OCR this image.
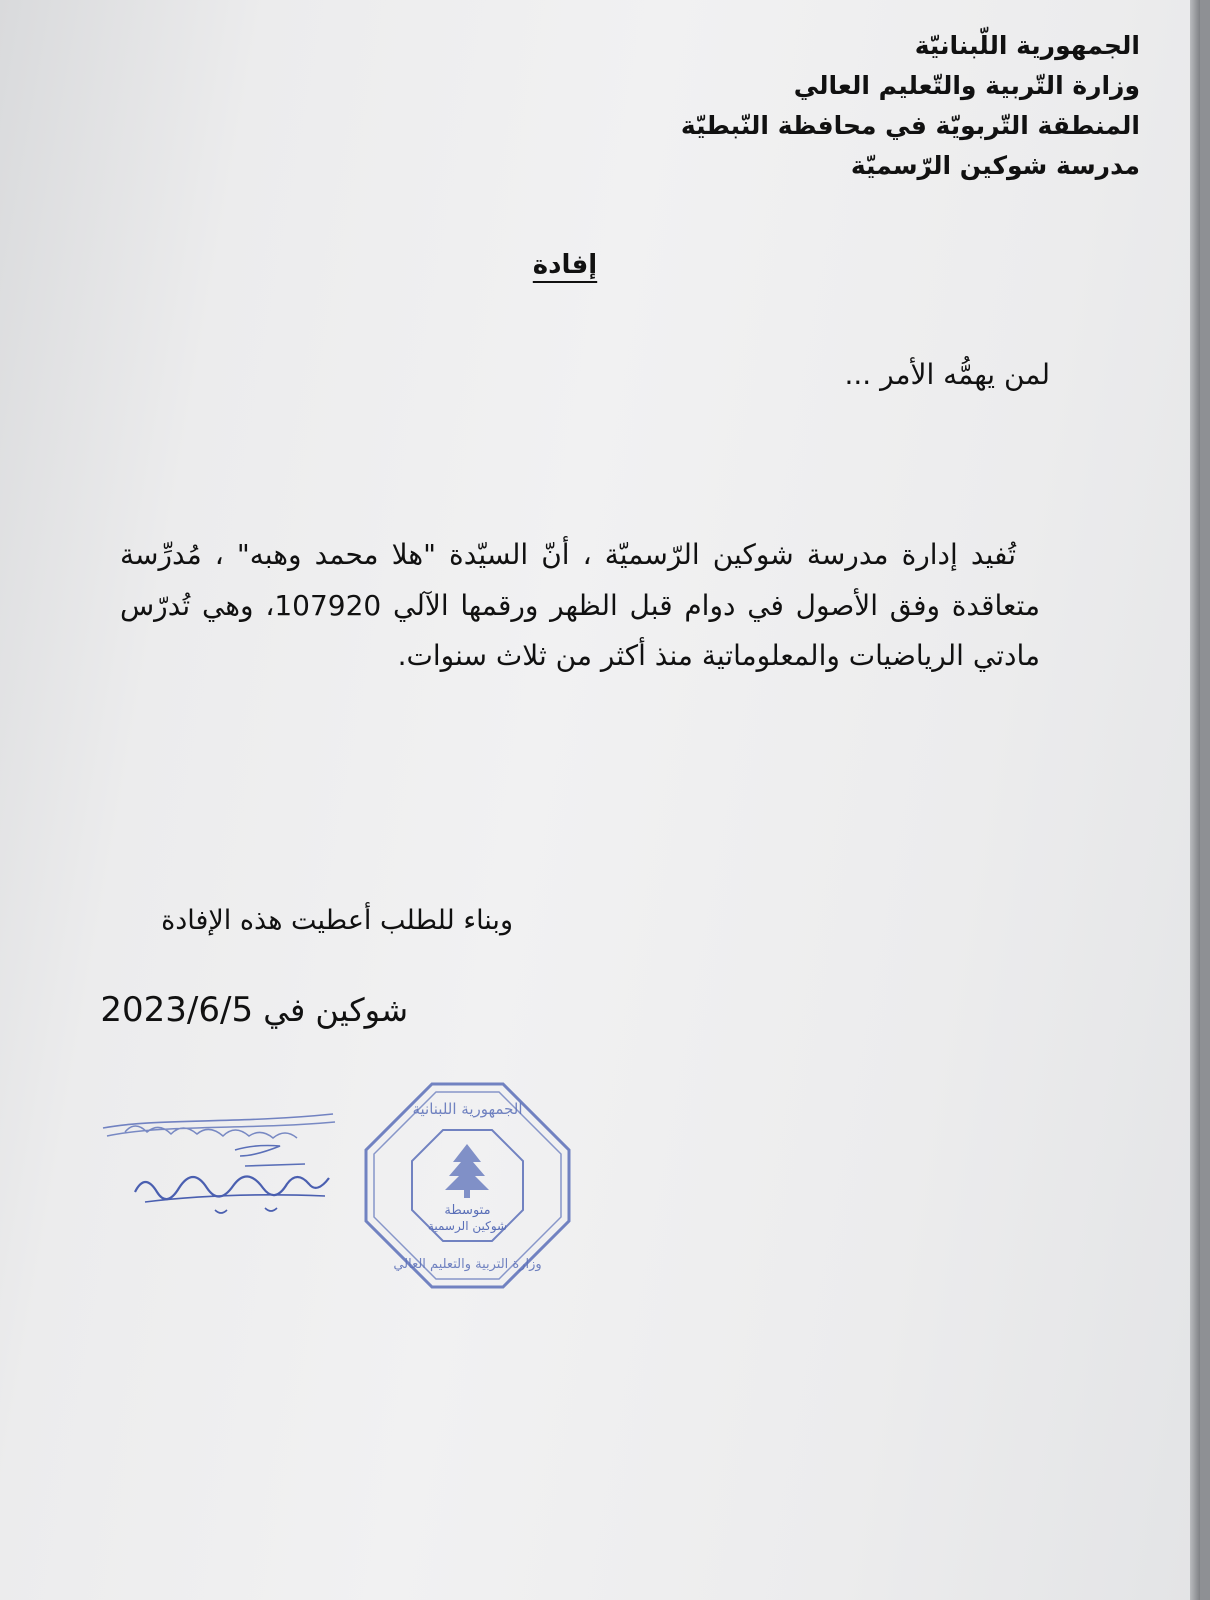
الجمهورية اللّبنانيّة
وزارة التّربية والتّعليم العالي
المنطقة التّربويّة في محافظة النّبطيّة
مدرسة شوكين الرّسميّة
إفادة
لمن يهمُّه الأمر ...
تُفيد إدارة مدرسة شوكين الرّسميّة ، أنّ السيّدة "هلا محمد وهبه" ، مُدرِّسة متعاقدة وفق الأصول في دوام قبل الظهر ورقمها الآلي 107920، وهي تُدرّس مادتي الرياضيات والمعلوماتية منذ أكثر من ثلاث سنوات.
وبناء للطلب أعطيت هذه الإفادة
شوكين في 2023/6/5
الجمهورية اللبنانية
وزارة التربية والتعليم العالي
متوسطة
شوكين الرسمية
